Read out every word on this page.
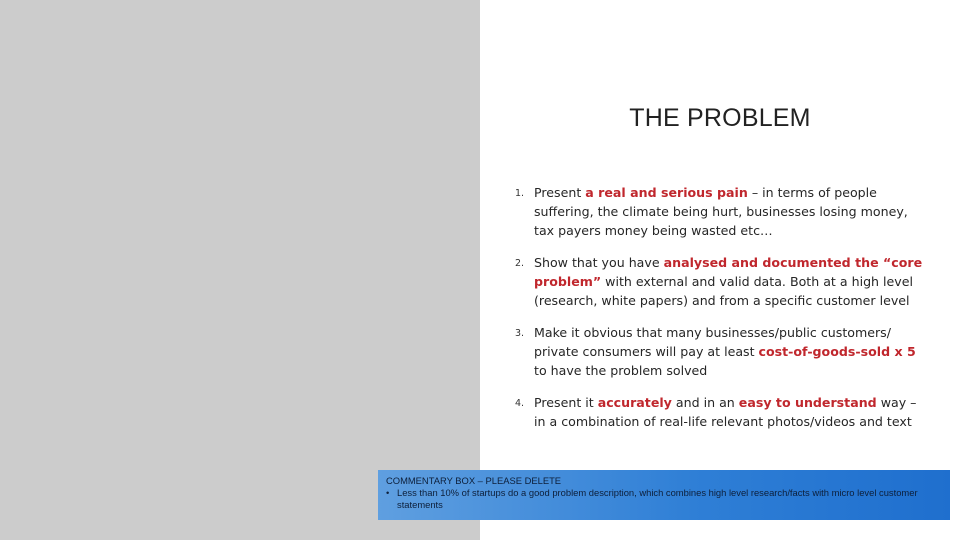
THE PROBLEM
1. Present a real and serious pain – in terms of people suffering, the climate being hurt, businesses losing money, tax payers money being wasted etc…
2. Show that you have analysed and documented the “core problem” with external and valid data. Both at a high level (research, white papers) and from a specific customer level
3. Make it obvious that many businesses/public customers/ private consumers will pay at least cost-of-goods-sold x 5 to have the problem solved
4. Present it accurately and in an easy to understand way – in a combination of real-life relevant photos/videos and text
COMMENTARY BOX – PLEASE DELETE
• Less than 10% of startups do a good problem description, which combines high level research/facts with micro level customer statements
